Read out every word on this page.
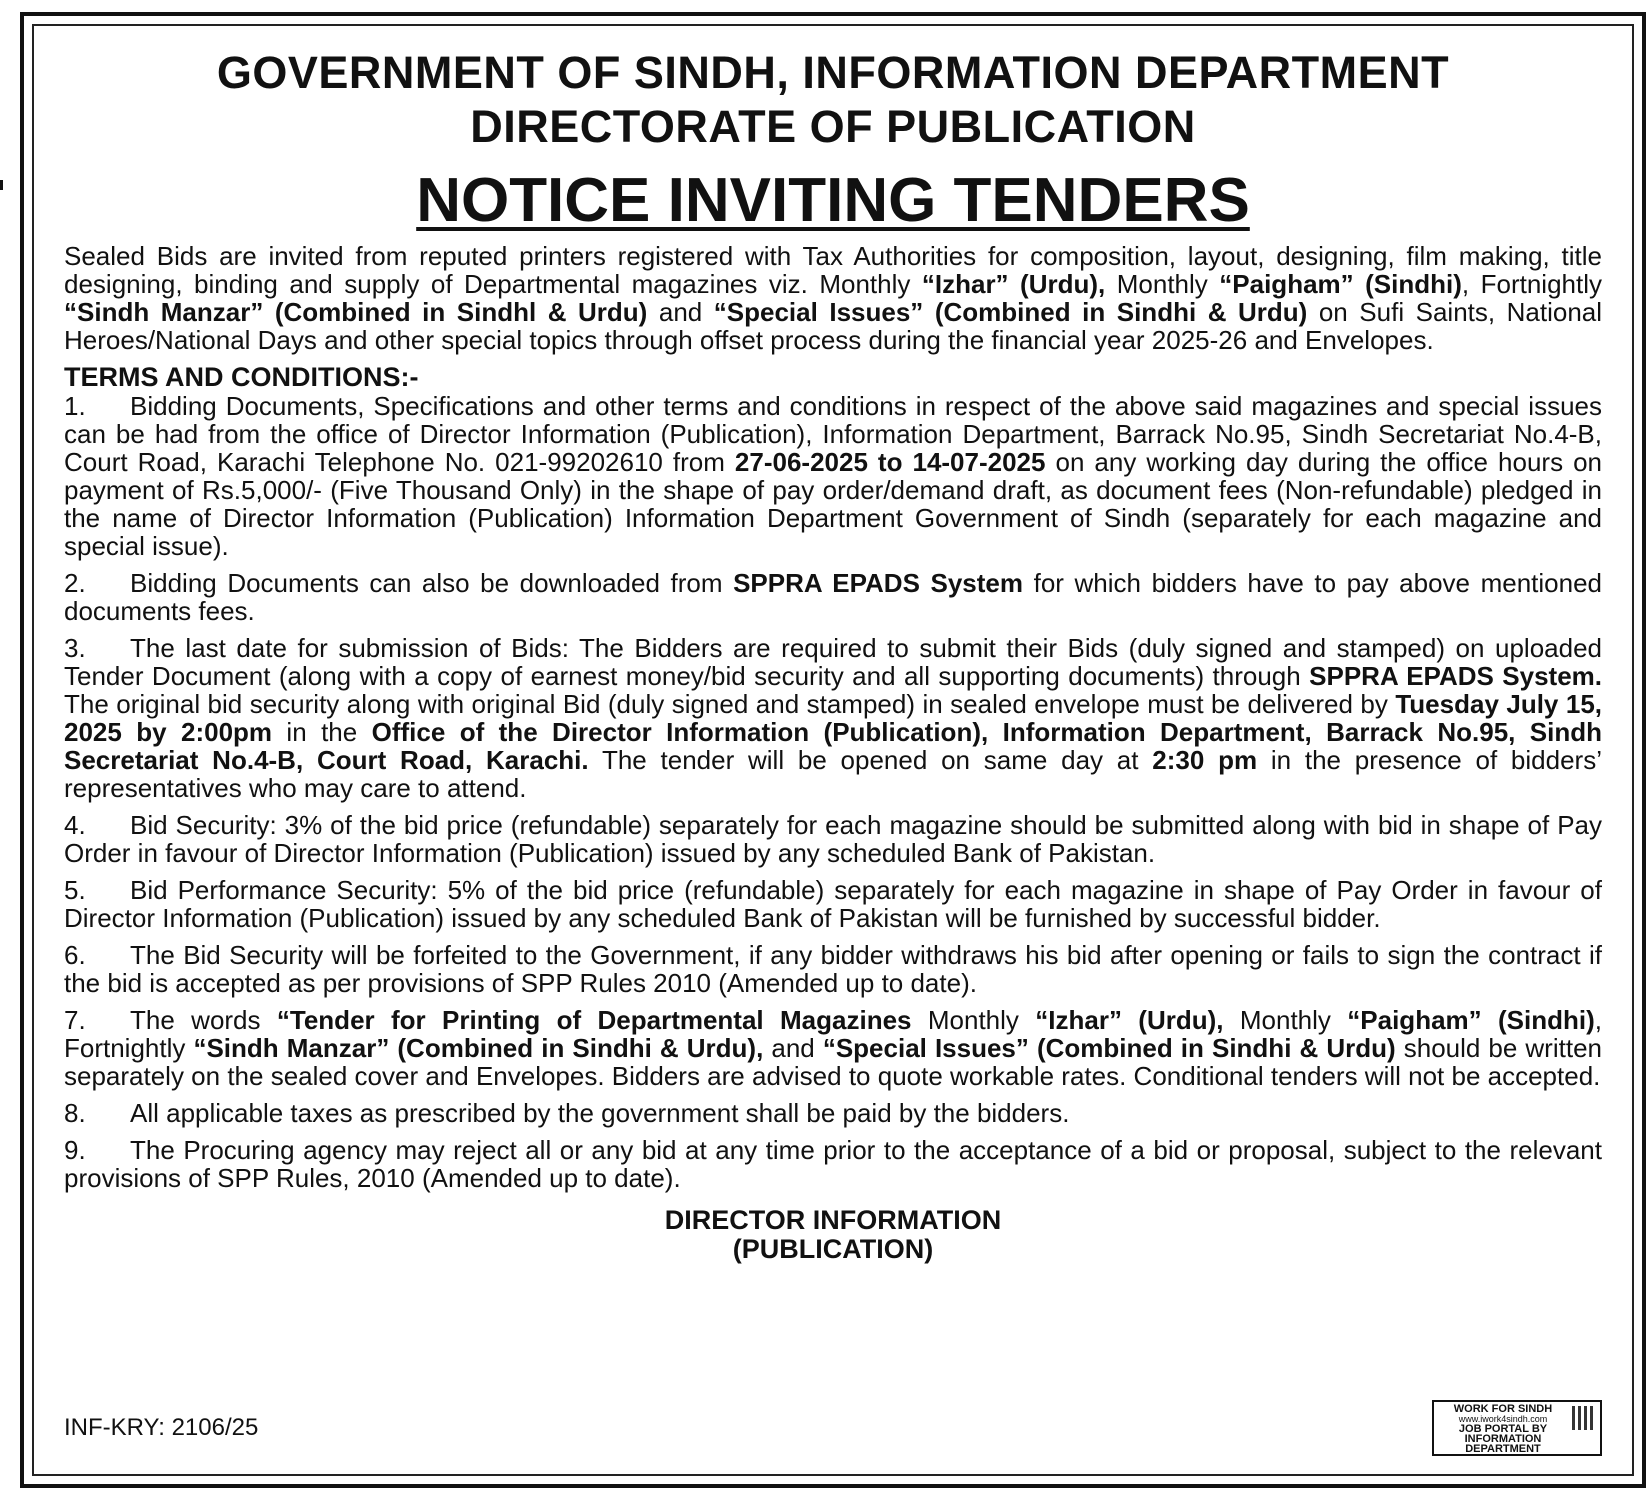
GOVERNMENT OF SINDH, INFORMATION DEPARTMENT

DIRECTORATE OF PUBLICATION

NOTICE INVITING TENDERS

Sealed Bids are invited from reputed printers registered with Tax Authorities for composition, layout, designing, film making, title designing, binding and supply of Departmental magazines viz. Monthly “Izhar” (Urdu), Monthly “Paigham” (Sindhi), Fortnightly “Sindh Manzar” (Combined in Sindhl & Urdu) and “Special Issues” (Combined in Sindhi & Urdu) on Sufi Saints, National Heroes/National Days and other special topics through offset process during the financial year 2025-26 and Envelopes.

TERMS AND CONDITIONS:-

1. Bidding Documents, Specifications and other terms and conditions in respect of the above said magazines and special issues can be had from the office of Director Information (Publication), Information Department, Barrack No.95, Sindh Secretariat No.4-B, Court Road, Karachi Telephone No. 021-99202610 from 27-06-2025 to 14-07-2025 on any working day during the office hours on payment of Rs.5,000/- (Five Thousand Only) in the shape of pay order/demand draft, as document fees (Non-refundable) pledged in the name of Director Information (Publication) Information Department Government of Sindh (separately for each magazine and special issue).

2. Bidding Documents can also be downloaded from SPPRA EPADS System for which bidders have to pay above mentioned documents fees.

3. The last date for submission of Bids: The Bidders are required to submit their Bids (duly signed and stamped) on uploaded Tender Document (along with a copy of earnest money/bid security and all supporting documents) through SPPRA EPADS System. The original bid security along with original Bid (duly signed and stamped) in sealed envelope must be delivered by Tuesday July 15, 2025 by 2:00pm in the Office of the Director Information (Publication), Information Department, Barrack No.95, Sindh Secretariat No.4-B, Court Road, Karachi. The tender will be opened on same day at 2:30 pm in the presence of bidders’ representatives who may care to attend.

4. Bid Security: 3% of the bid price (refundable) separately for each magazine should be submitted along with bid in shape of Pay Order in favour of Director Information (Publication) issued by any scheduled Bank of Pakistan.

5. Bid Performance Security: 5% of the bid price (refundable) separately for each magazine in shape of Pay Order in favour of Director Information (Publication) issued by any scheduled Bank of Pakistan will be furnished by successful bidder.

6. The Bid Security will be forfeited to the Government, if any bidder withdraws his bid after opening or fails to sign the contract if the bid is accepted as per provisions of SPP Rules 2010 (Amended up to date).

7. The words “Tender for Printing of Departmental Magazines Monthly “Izhar” (Urdu), Monthly “Paigham” (Sindhi), Fortnightly “Sindh Manzar” (Combined in Sindhi & Urdu), and “Special Issues” (Combined in Sindhi & Urdu) should be written separately on the sealed cover and Envelopes. Bidders are advised to quote workable rates. Conditional tenders will not be accepted.

8. All applicable taxes as prescribed by the government shall be paid by the bidders.

9. The Procuring agency may reject all or any bid at any time prior to the acceptance of a bid or proposal, subject to the relevant provisions of SPP Rules, 2010 (Amended up to date).

DIRECTOR INFORMATION
(PUBLICATION)
INF-KRY: 2106/25
WORK FOR SINDH
www.iwork4sindh.com
JOB PORTAL BY
INFORMATION DEPARTMENT
